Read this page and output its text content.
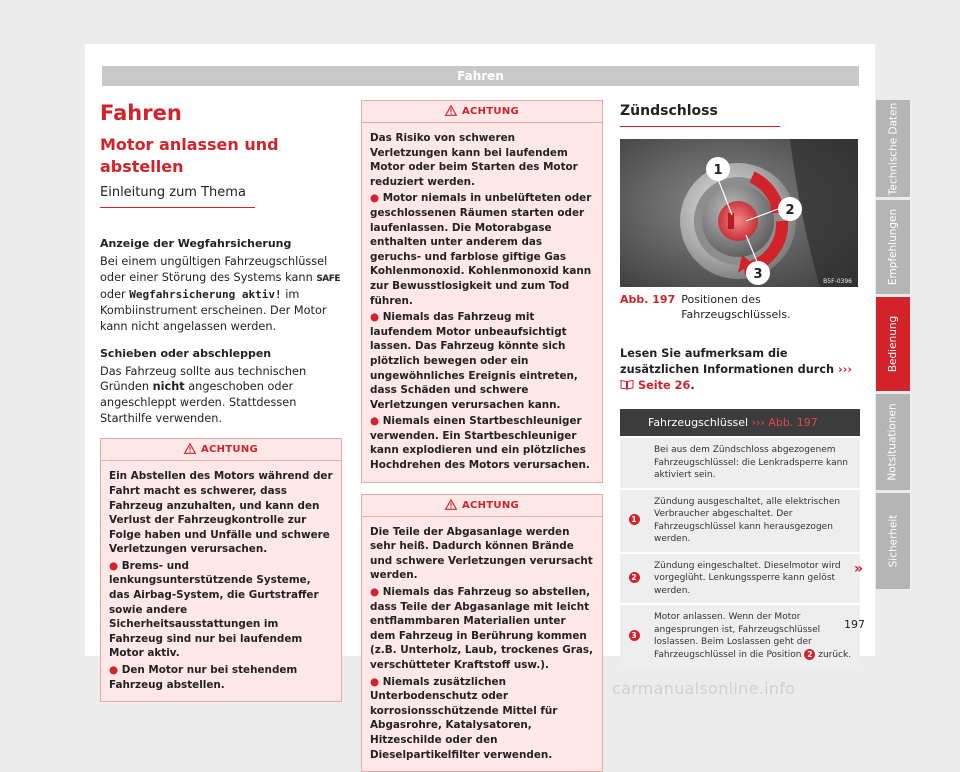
Fahren
Fahren
Motor anlassen und abstellen
Einleitung zum Thema
Anzeige der Wegfahrsicherung
Bei einem ungültigen Fahrzeugschlüssel oder einer Störung des Systems kann SAFE oder Wegfahrsicherung aktiv! im Kombiinstrument erscheinen. Der Motor kann nicht angelassen werden.
Schieben oder abschleppen
Das Fahrzeug sollte aus technischen Gründen nicht angeschoben oder angeschleppt werden. Stattdessen Starthilfe verwenden.
ACHTUNG
Ein Abstellen des Motors während der Fahrt macht es schwerer, dass Fahrzeug anzuhalten, und kann den Verlust der Fahrzeugkontrolle zur Folge haben und Unfälle und schwere Verletzungen verursachen.
● Brems- und lenkungsunterstützende Systeme, das Airbag-System, die Gurtstraffer sowie andere Sicherheitsausstattungen im Fahrzeug sind nur bei laufendem Motor aktiv.
● Den Motor nur bei stehendem Fahrzeug abstellen.
ACHTUNG
Das Risiko von schweren Verletzungen kann bei laufendem Motor oder beim Starten des Motor reduziert werden.
● Motor niemals in unbelüfteten oder geschlossenen Räumen starten oder laufenlassen. Die Motorabgase enthalten unter anderem das geruchs- und farblose giftige Gas Kohlenmonoxid. Kohlenmonoxid kann zur Bewusstlosigkeit und zum Tod führen.
● Niemals das Fahrzeug mit laufendem Motor unbeaufsichtigt lassen. Das Fahrzeug könnte sich plötzlich bewegen oder ein ungewöhnliches Ereignis eintreten, dass Schäden und schwere Verletzungen verursachen kann.
● Niemals einen Startbeschleuniger verwenden. Ein Startbeschleuniger kann explodieren und ein plötzliches Hochdrehen des Motors verursachen.
ACHTUNG
Die Teile der Abgasanlage werden sehr heiß. Dadurch können Brände und schwere Verletzungen verursacht werden.
● Niemals das Fahrzeug so abstellen, dass Teile der Abgasanlage mit leicht entflammbaren Materialien unter dem Fahrzeug in Berührung kommen (z.B. Unterholz, Laub, trockenes Gras, verschütteter Kraftstoff usw.).
● Niemals zusätzlichen Unterbodenschutz oder korrosionsschützende Mittel für Abgasrohre, Katalysatoren, Hitzeschilde oder den Dieselpartikelfilter verwenden.
Zündschloss
1
2
3	B5F-0396
Abb. 197 Positionen des Fahrzeugschlüssels.
Lesen Sie aufmerksam die zusätzlichen Informationen durch ›››  Seite 26.
Fahrzeugschlüssel ››› Abb. 197	
	Bei aus dem Zündschloss abgezogenem Fahrzeugschlüssel: die Lenkradsperre kann aktiviert sein.
1	Zündung ausgeschaltet, alle elektrischen Verbraucher abgeschaltet. Der Fahrzeugschlüssel kann herausgezogen werden.
2	Zündung eingeschaltet. Dieselmotor wird vorgeglüht. Lenkungssperre kann gelöst werden.
3	Motor anlassen. Wenn der Motor angesprungen ist, Fahrzeugschlüssel loslassen. Beim Loslassen geht der Fahrzeugschlüssel in die Position 2 zurück.
»
Technische Daten
Empfehlungen
Bedienung
Notsituationen
Sicherheit
197
carmanualsonline.info
